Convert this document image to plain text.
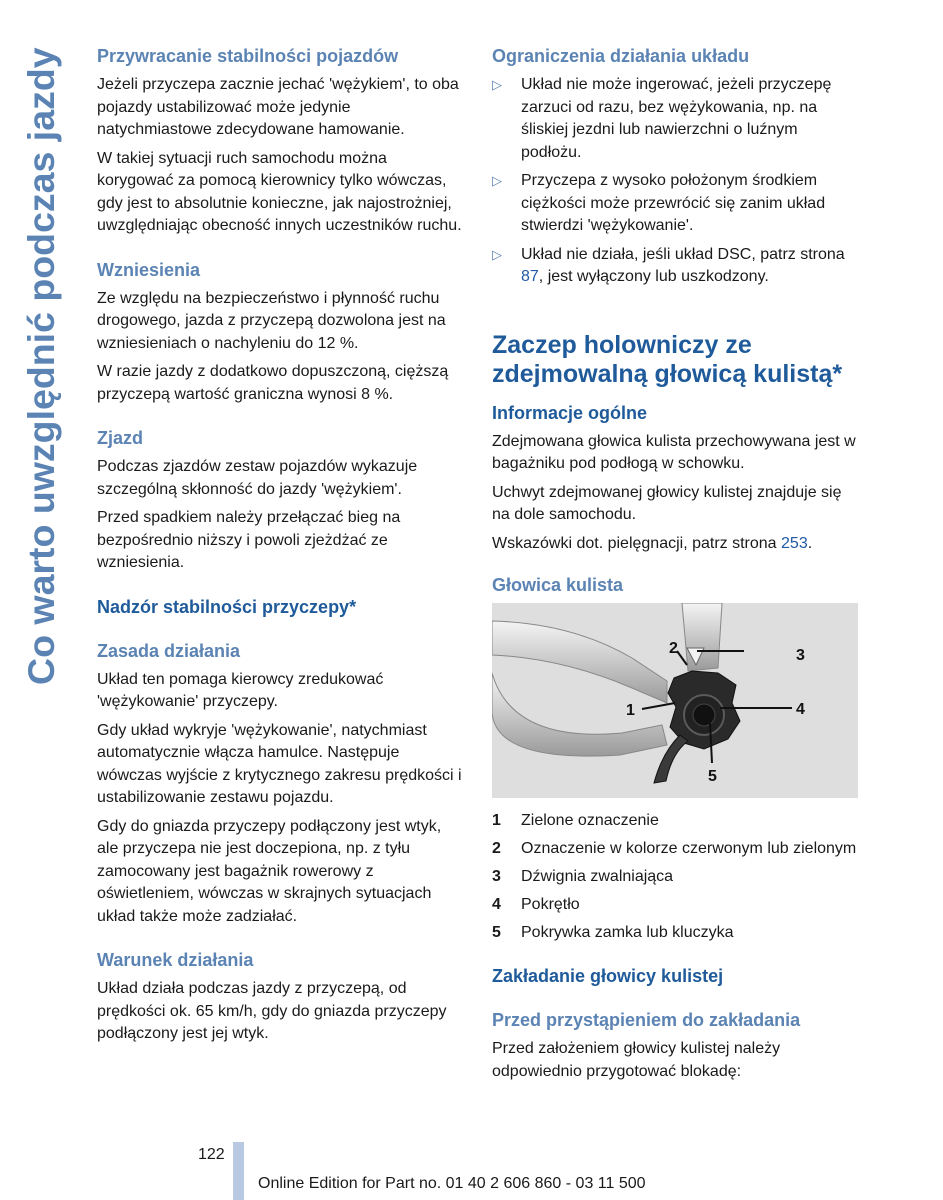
Co warto uwzględnić podczas jazdy Przywracanie stabilności pojazdów

Jeżeli przyczepa zacznie jechać 'wężykiem', to oba pojazdy ustabilizować może jedynie natychmiastowe zdecydowane hamowanie.

W takiej sytuacji ruch samochodu można korygować za pomocą kierownicy tylko wówczas, gdy jest to absolutnie konieczne, jak najostrożniej, uwzględniając obecność innych uczestników ruchu.

Wzniesienia

Ze względu na bezpieczeństwo i płynność ruchu drogowego, jazda z przyczepą dozwolona jest na wzniesieniach o nachyleniu do 12 %.

W razie jazdy z dodatkowo dopuszczoną, cięższą przyczepą wartość graniczna wynosi 8 %.

Zjazd

Podczas zjazdów zestaw pojazdów wykazuje szczególną skłonność do jazdy 'wężykiem'.

Przed spadkiem należy przełączać bieg na bezpośrednio niższy i powoli zjeżdżać ze wzniesienia.

Nadzór stabilności przyczepy*
Zasada działania

Układ ten pomaga kierowcy zredukować 'wężykowanie' przyczepy.

Gdy układ wykryje 'wężykowanie', natychmiast automatycznie włącza hamulce. Następuje wówczas wyjście z krytycznego zakresu prędkości i ustabilizowanie zestawu pojazdu.

Gdy do gniazda przyczepy podłączony jest wtyk, ale przyczepa nie jest doczepiona, np. z tyłu zamocowany jest bagażnik rowerowy z oświetleniem, wówczas w skrajnych sytuacjach układ także może zadziałać.

Warunek działania

Układ działa podczas jazdy z przyczepą, od prędkości ok. 65 km/h, gdy do gniazda przyczepy podłączony jest jej wtyk.

Ograniczenia działania układu
▷ Układ nie może ingerować, jeżeli przyczepę zarzuci od razu, bez wężykowania, np. na śliskiej jezdni lub nawierzchni o luźnym podłożu.
▷ Przyczepa z wysoko położonym środkiem ciężkości może przewrócić się zanim układ stwierdzi 'wężykowanie'.
▷ Układ nie działa, jeśli układ DSC, patrz strona 87, jest wyłączony lub uszkodzony.
Zaczep holowniczy ze zdejmowalną głowicą kulistą*
Informacje ogólne

Zdejmowana głowica kulista przechowywana jest w bagażniku pod podłogą w schowku.

Uchwyt zdejmowanej głowicy kulistej znajduje się na dole samochodu.

Wskazówki dot. pielęgnacji, patrz strona 253.

Głowica kulista
2	3
1	4
5
1 Zielone oznaczenie
2 Oznaczenie w kolorze czerwonym lub zielonym
3 Dźwignia zwalniająca
4 Pokrętło
5 Pokrywka zamka lub kluczyka
Zakładanie głowicy kulistej
Przed przystąpieniem do zakładania

Przed założeniem głowicy kulistej należy odpowiednio przygotować blokadę:

122
Online Edition for Part no. 01 40 2 606 860 - 03 11 500
